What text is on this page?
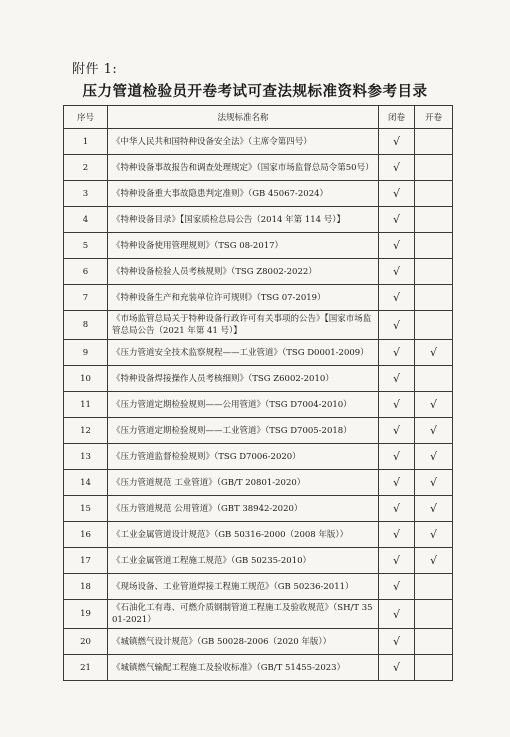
附件 1:
压力管道检验员开卷考试可查法规标准资料参考目录
序号	法规标准名称	闭卷	开卷
1	《中华人民共和国特种设备安全法》（主席令第四号）	√	
2	《特种设备事故报告和调查处理规定》（国家市场监督总局令第50号）	√	
3	《特种设备重大事故隐患判定准则》（GB 45067-2024）	√	
4	《特种设备目录》【国家质检总局公告（2014 年第 114 号）】	√	
5	《特种设备使用管理规则》（TSG 08-2017）	√	
6	《特种设备检验人员考核规则》（TSG Z8002-2022）	√	
7	《特种设备生产和充装单位许可规则》（TSG 07-2019）	√	
8	《市场监管总局关于特种设备行政许可有关事项的公告》【国家市场监管总局公告（2021 年第 41 号）】	√	
9	《压力管道安全技术监察规程——工业管道》（TSG D0001-2009）	√	√
10	《特种设备焊接操作人员考核细则》（TSG Z6002-2010）	√	
11	《压力管道定期检验规则——公用管道》（TSG D7004-2010）	√	√
12	《压力管道定期检验规则——工业管道》（TSG D7005-2018）	√	√
13	《压力管道监督检验规则》（TSG D7006-2020）	√	√
14	《压力管道规范 工业管道》（GB/T 20801-2020）	√	√
15	《压力管道规范 公用管道》（GBT 38942-2020）	√	√
16	《工业金属管道设计规范》（GB 50316-2000（2008 年版））	√	√
17	《工业金属管道工程施工规范》（GB 50235-2010）	√	√
18	《现场设备、工业管道焊接工程施工规范》（GB 50236-2011）	√	
19	《石油化工有毒、可燃介质钢制管道工程施工及验收规范》（SH/T 3501-2021）	√	
20	《城镇燃气设计规范》（GB 50028-2006（2020 年版））	√	
21	《城镇燃气输配工程施工及验收标准》（GB/T 51455-2023）	√	
